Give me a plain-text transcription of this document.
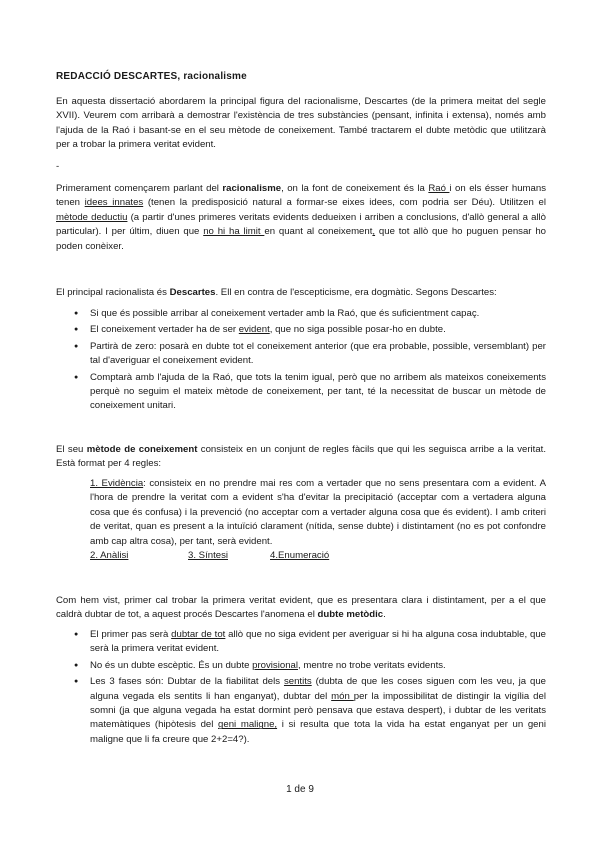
REDACCIÓ DESCARTES, racionalisme

En aquesta dissertació abordarem la principal figura del racionalisme, Descartes (de la primera meitat del segle XVII). Veurem com arribarà a demostrar l'existència de tres substàncies (pensant, infinita i extensa), només amb l'ajuda de la Raó i basant-se en el seu mètode de coneixement. També tractarem el dubte metòdic que utilitzarà per a trobar la primera veritat evident.

-

Primerament començarem parlant del racionalisme, on la font de coneixement és la Raó i on els ésser humans tenen idees innates (tenen la predisposició natural a formar-se eixes idees, com podria ser Déu). Utilitzen el mètode deductiu (a partir d'unes primeres veritats evidents dedueixen i arriben a conclusions, d'allò general a allò particular). I per últim, diuen que no hi ha limit en quant al coneixement, que tot allò que ho puguen pensar ho poden conèixer.

El principal racionalista és Descartes. Ell en contra de l'escepticisme, era dogmàtic. Segons Descartes:

● Si que és possible arribar al coneixement vertader amb la Raó, que és suficientment capaç.
● El coneixement vertader ha de ser evident, que no siga possible posar-ho en dubte.
● Partirà de zero: posarà en dubte tot el coneixement anterior (que era probable, possible, versemblant) per tal d'averiguar el coneixement evident.
● Comptarà amb l'ajuda de la Raó, que tots la tenim igual, però que no arribem als mateixos coneixements perquè no seguim el mateix mètode de coneixement, per tant, té la necessitat de buscar un mètode de coneixement unitari.

El seu mètode de coneixement consisteix en un conjunt de regles fàcils que qui les seguisca arribe a la veritat. Està format per 4 regles:

1. Evidència: consisteix en no prendre mai res com a vertader que no sens presentara com a evident. A l'hora de prendre la veritat com a evident s'ha d'evitar la precipitació (acceptar com a vertadera alguna cosa que és confusa) i la prevenció (no acceptar com a vertader alguna cosa que és evident). I amb criteri de veritat, quan es present a la intuïció clarament (nítida, sense dubte) i distintament (no es pot confondre amb cap altra cosa), per tant, serà evident.

2. Anàlisi	3. Síntesi	4.Enumeració

Com hem vist, primer cal trobar la primera veritat evident, que es presentara clara i distintament, per a el que caldrà dubtar de tot, a aquest procés Descartes l'anomena el dubte metòdic.

● El primer pas serà dubtar de tot allò que no siga evident per averiguar si hi ha alguna cosa indubtable, que serà la primera veritat evident.
● No és un dubte escèptic. És un dubte provisional, mentre no trobe veritats evidents.
● Les 3 fases són: Dubtar de la fiabilitat dels sentits (dubta de que les coses siguen com les veu, ja que alguna vegada els sentits li han enganyat), dubtar del món per la impossibilitat de distingir la vigília del somni (ja que alguna vegada ha estat dormint però pensava que estava despert), i dubtar de les veritats matemàtiques (hipòtesis del geni maligne, i si resulta que tota la vida ha estat enganyat per un geni maligne que li fa creure que 2+2=4?).
1 de 9
